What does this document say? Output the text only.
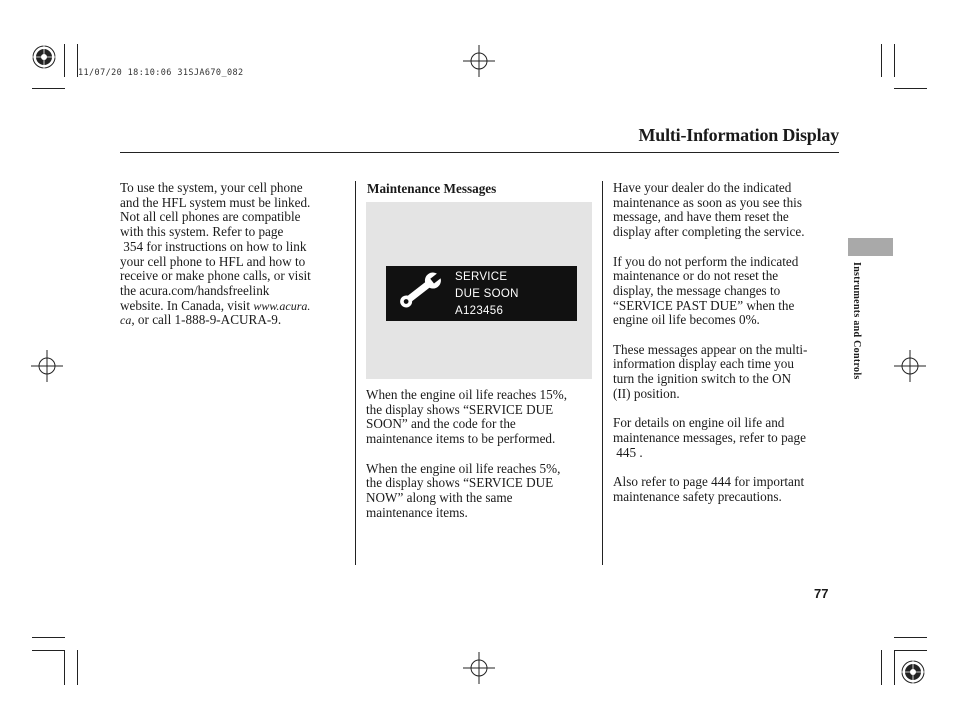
11/07/20 18:10:06 31SJA670_082
Multi-Information Display
To use the system, your cell phone
and the HFL system must be linked.
Not all cell phones are compatible
with this system. Refer to page
354 for instructions on how to link
your cell phone to HFL and how to
receive or make phone calls, or visit
the acura.com/handsfreelink
website. In Canada, visit www.acura.
ca, or call 1-888-9-ACURA-9.
Maintenance Messages
SERVICE
DUE SOON
A123456

When the engine oil life reaches 15%,
the display shows “SERVICE DUE
SOON” and the code for the
maintenance items to be performed.

When the engine oil life reaches 5%,
the display shows “SERVICE DUE
NOW” along with the same
maintenance items.

Have your dealer do the indicated
maintenance as soon as you see this
message, and have them reset the
display after completing the service.

If you do not perform the indicated
maintenance or do not reset the
display, the message changes to
“SERVICE PAST DUE” when the
engine oil life becomes 0%.

These messages appear on the multi-
information display each time you
turn the ignition switch to the ON
(II) position.

For details on engine oil life and
maintenance messages, refer to page
445 .

Also refer to page 444 for important
maintenance safety precautions.

Instruments and Controls
77
